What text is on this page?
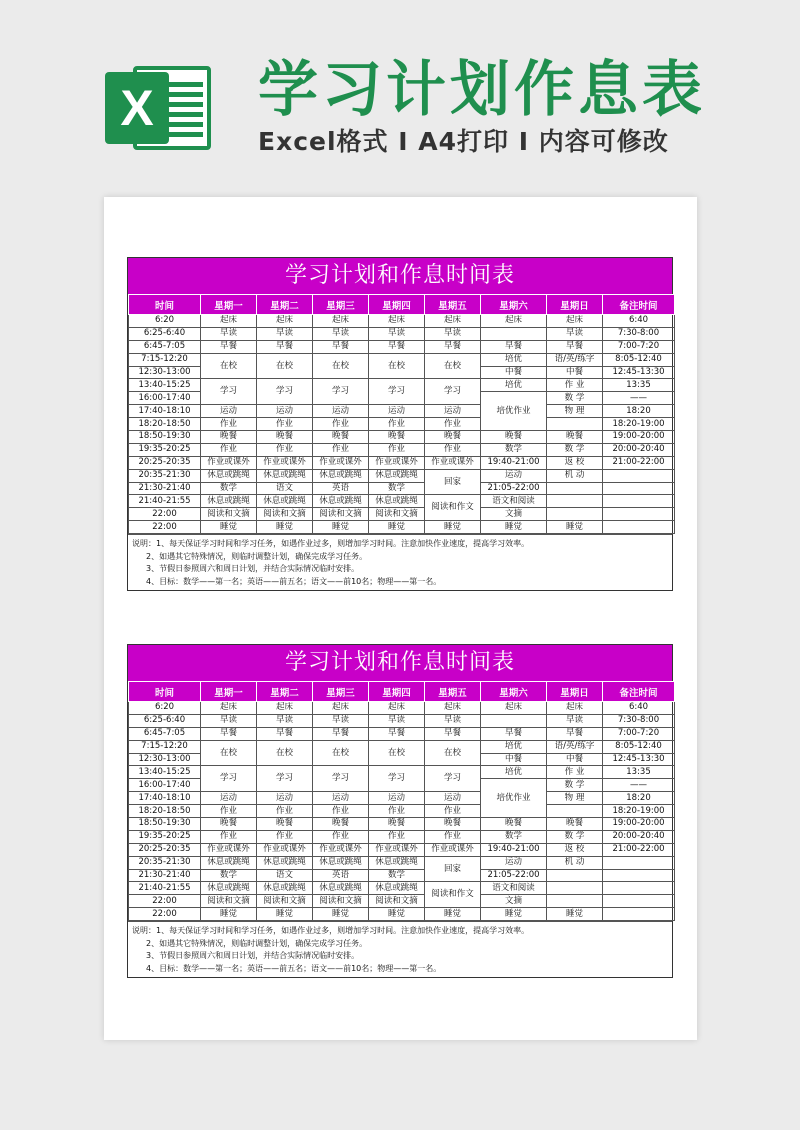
X 学习计划作息表
Excel格式 I A4打印 I 内容可修改
学习计划和作息时间表
时间	星期一	星期二	星期三	星期四	星期五	星期六	星期日	备注时间
6:20	起床	起床	起床	起床	起床	起床	起床	6:40
6:25-6:40	早读	早读	早读	早读	早读		早读	7:30-8:00
6:45-7:05	早餐	早餐	早餐	早餐	早餐	早餐	早餐	7:00-7:20
7:15-12:20	在校	在校	在校	在校	在校	培优	语/英/练字	8:05-12:40
12:30-13:00						中餐	中餐	12:45-13:30
13:40-15:25	学习	学习	学习	学习	学习	培优	作 业	13:35
16:00-17:40						培优作业	数 学	——
17:40-18:10	运动	运动	运动	运动	运动		物 理	18:20
18:20-18:50	作业	作业	作业	作业	作业			18:20-19:00
18:50-19:30	晚餐	晚餐	晚餐	晚餐	晚餐	晚餐	晚餐	19:00-20:00
19:35-20:25	作业	作业	作业	作业	作业	数学	数 学	20:00-20:40
20:25-20:35	作业或课外	作业或课外	作业或课外	作业或课外	作业或课外	19:40-21:00	返 校	21:00-22:00
20:35-21:30	休息或跳绳	休息或跳绳	休息或跳绳	休息或跳绳	回家	运动	机 动	
21:30-21:40	数学	语文	英语	数学		21:05-22:00		
21:40-21:55	休息或跳绳	休息或跳绳	休息或跳绳	休息或跳绳	阅读和作文	语文和阅读		
22:00	阅读和文摘	阅读和文摘	阅读和文摘	阅读和文摘		文摘		
22:00	睡觉	睡觉	睡觉	睡觉	睡觉	睡觉	睡觉	
说明：1、每天保证学习时间和学习任务，如遇作业过多，则增加学习时间。注意加快作业速度，提高学习效率。
2、如遇其它特殊情况，则临时调整计划，确保完成学习任务。
3、节假日参照周六和周日计划，并结合实际情况临时安排。
4、目标：数学——第一名；英语——前五名；语文——前10名；物理——第一名。
学习计划和作息时间表
时间	星期一	星期二	星期三	星期四	星期五	星期六	星期日	备注时间
6:20	起床	起床	起床	起床	起床	起床	起床	6:40
6:25-6:40	早读	早读	早读	早读	早读		早读	7:30-8:00
6:45-7:05	早餐	早餐	早餐	早餐	早餐	早餐	早餐	7:00-7:20
7:15-12:20	在校	在校	在校	在校	在校	培优	语/英/练字	8:05-12:40
12:30-13:00						中餐	中餐	12:45-13:30
13:40-15:25	学习	学习	学习	学习	学习	培优	作 业	13:35
16:00-17:40						培优作业	数 学	——
17:40-18:10	运动	运动	运动	运动	运动		物 理	18:20
18:20-18:50	作业	作业	作业	作业	作业			18:20-19:00
18:50-19:30	晚餐	晚餐	晚餐	晚餐	晚餐	晚餐	晚餐	19:00-20:00
19:35-20:25	作业	作业	作业	作业	作业	数学	数 学	20:00-20:40
20:25-20:35	作业或课外	作业或课外	作业或课外	作业或课外	作业或课外	19:40-21:00	返 校	21:00-22:00
20:35-21:30	休息或跳绳	休息或跳绳	休息或跳绳	休息或跳绳	回家	运动	机 动	
21:30-21:40	数学	语文	英语	数学		21:05-22:00		
21:40-21:55	休息或跳绳	休息或跳绳	休息或跳绳	休息或跳绳	阅读和作文	语文和阅读		
22:00	阅读和文摘	阅读和文摘	阅读和文摘	阅读和文摘		文摘		
22:00	睡觉	睡觉	睡觉	睡觉	睡觉	睡觉	睡觉	
说明：1、每天保证学习时间和学习任务，如遇作业过多，则增加学习时间。注意加快作业速度，提高学习效率。
2、如遇其它特殊情况，则临时调整计划，确保完成学习任务。
3、节假日参照周六和周日计划，并结合实际情况临时安排。
4、目标：数学——第一名；英语——前五名；语文——前10名；物理——第一名。
